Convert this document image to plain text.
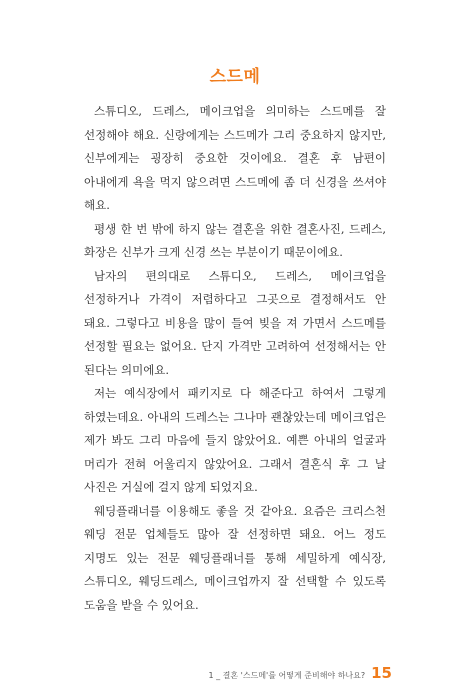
스드메

스튜디오, 드레스, 메이크업을 의미하는 스드메를 잘 선정해야 해요. 신랑에게는 스드메가 그리 중요하지 않지만, 신부에게는 굉장히 중요한 것이에요. 결혼 후 남편이 아내에게 욕을 먹지 않으려면 스드메에 좀 더 신경을 쓰셔야 해요.

평생 한 번 밖에 하지 않는 결혼을 위한 결혼사진, 드레스, 화장은 신부가 크게 신경 쓰는 부분이기 때문이에요.

남자의 편의대로 스튜디오, 드레스, 메이크업을 선정하거나 가격이 저렴하다고 그곳으로 결정해서도 안 돼요. 그렇다고 비용을 많이 들여 빚을 져 가면서 스드메를 선정할 필요는 없어요. 단지 가격만 고려하여 선정해서는 안 된다는 의미에요.

저는 예식장에서 패키지로 다 해준다고 하여서 그렇게 하였는데요. 아내의 드레스는 그나마 괜찮았는데 메이크업은 제가 봐도 그리 마음에 들지 않았어요. 예쁜 아내의 얼굴과 머리가 전혀 어울리지 않았어요. 그래서 결혼식 후 그 날 사진은 거실에 걸지 않게 되었지요.

웨딩플래너를 이용해도 좋을 것 같아요. 요즘은 크리스천 웨딩 전문 업체들도 많아 잘 선정하면 돼요. 어느 정도 지명도 있는 전문 웨딩플래너를 통해 세밀하게 예식장, 스튜디오, 웨딩드레스, 메이크업까지 잘 선택할 수 있도록 도움을 받을 수 있어요.

1 _ 결혼 '스드메'를 어떻게 준비해야 하나요? 15
